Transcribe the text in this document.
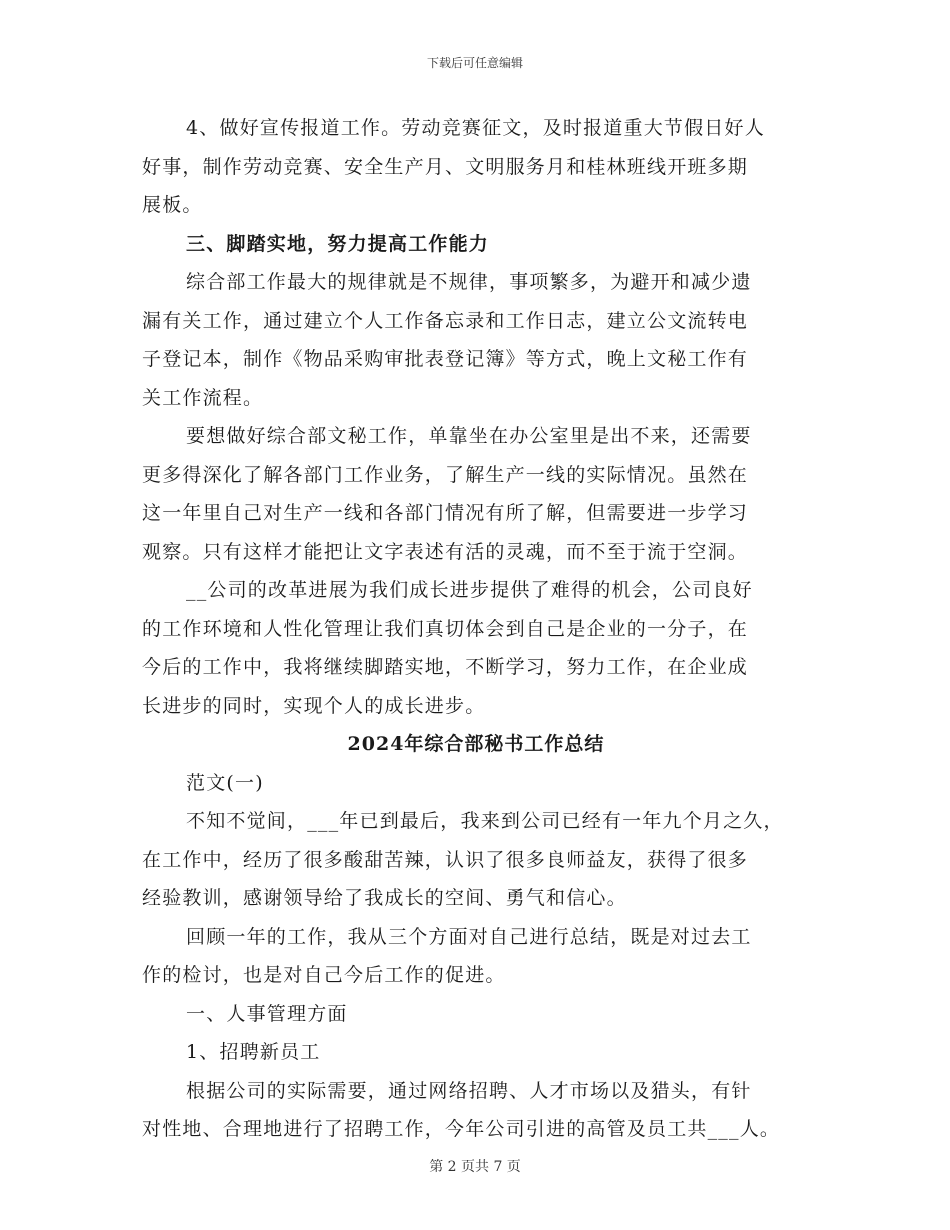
下载后可任意编辑
4、做好宣传报道工作。劳动竞赛征文，及时报道重大节假日好人
好事，制作劳动竞赛、安全生产月、文明服务月和桂林班线开班多期
展板。
三、脚踏实地，努力提高工作能力
综合部工作最大的规律就是不规律，事项繁多，为避开和减少遗
漏有关工作，通过建立个人工作备忘录和工作日志，建立公文流转电
子登记本，制作《物品采购审批表登记簿》等方式，晚上文秘工作有
关工作流程。
要想做好综合部文秘工作，单靠坐在办公室里是出不来，还需要
更多得深化了解各部门工作业务，了解生产一线的实际情况。虽然在
这一年里自己对生产一线和各部门情况有所了解，但需要进一步学习
观察。只有这样才能把让文字表述有活的灵魂，而不至于流于空洞。
__公司的改革进展为我们成长进步提供了难得的机会，公司良好
的工作环境和人性化管理让我们真切体会到自己是企业的一分子，在
今后的工作中，我将继续脚踏实地，不断学习，努力工作，在企业成
长进步的同时，实现个人的成长进步。
2024年综合部秘书工作总结
范文(一)
不知不觉间，___年已到最后，我来到公司已经有一年九个月之久，
在工作中，经历了很多酸甜苦辣，认识了很多良师益友，获得了很多
经验教训，感谢领导给了我成长的空间、勇气和信心。
回顾一年的工作，我从三个方面对自己进行总结，既是对过去工
作的检讨，也是对自己今后工作的促进。
一、人事管理方面
1、招聘新员工
根据公司的实际需要，通过网络招聘、人才市场以及猎头，有针
对性地、合理地进行了招聘工作，今年公司引进的高管及员工共___人。
第 2 页共 7 页
